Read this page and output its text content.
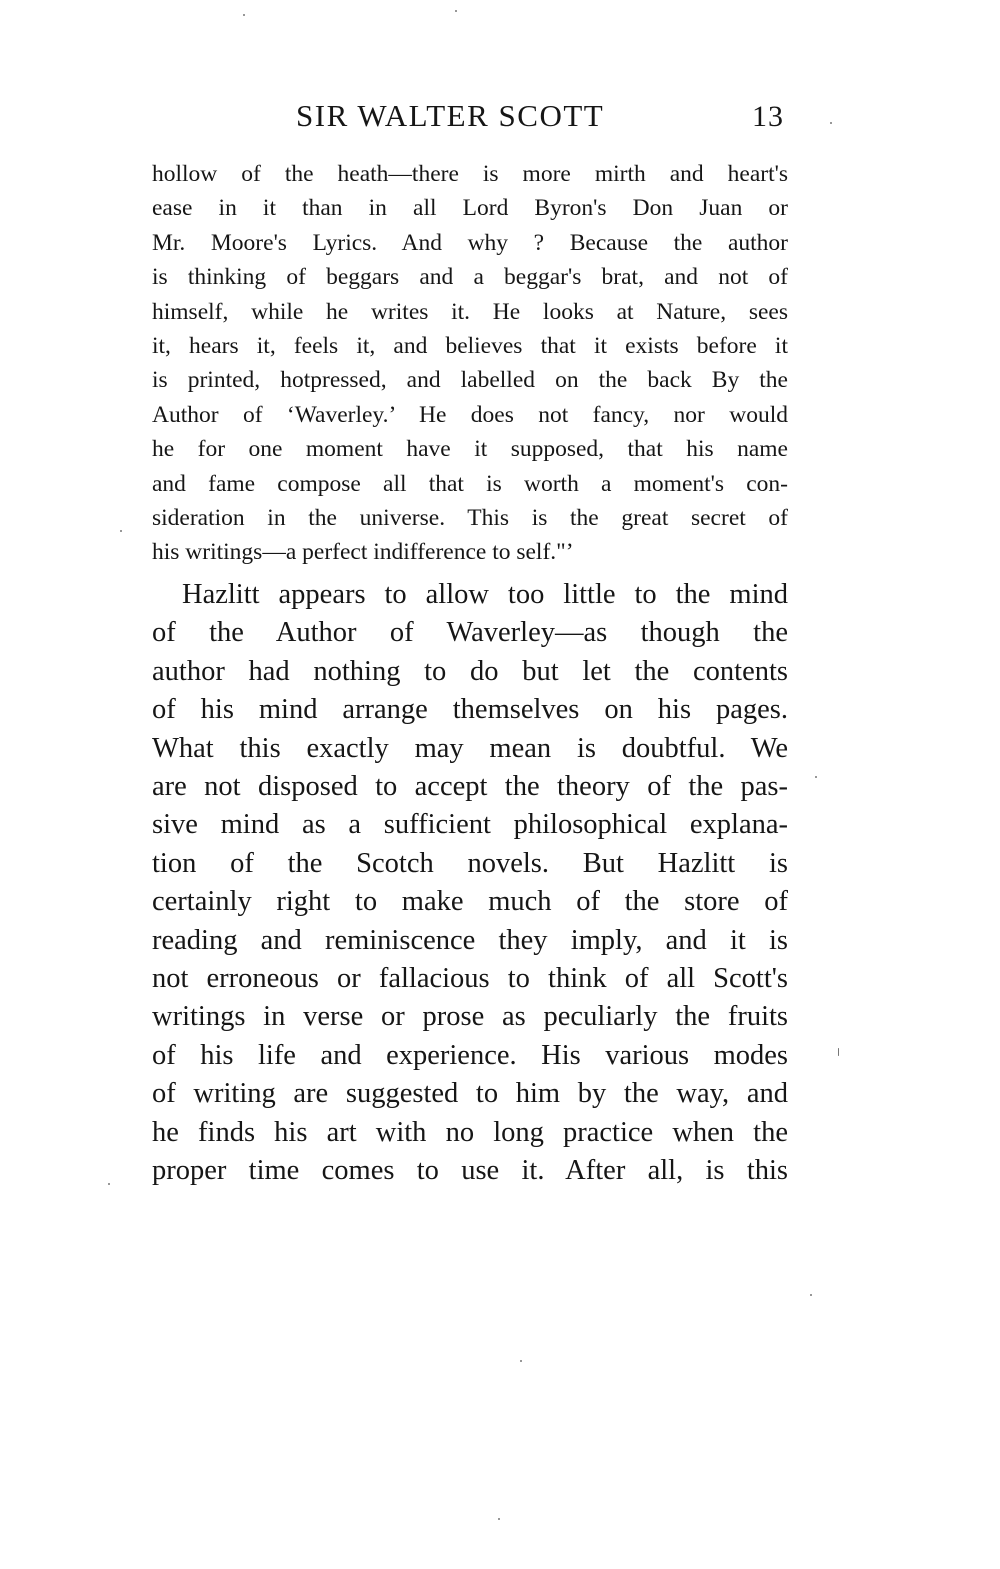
SIR WALTER SCOTT	13
hollow of the heath—there is more mirth and heart's
ease in it than in all Lord Byron's Don Juan or
Mr. Moore's Lyrics. And why ? Because the author
is thinking of beggars and a beggar's brat, and not of
himself, while he writes it. He looks at Nature, sees
it, hears it, feels it, and believes that it exists before it
is printed, hotpressed, and labelled on the back By the
Author of ‘Waverley.’ He does not fancy, nor would
he for one moment have it supposed, that his name
and fame compose all that is worth a moment's con-
sideration in the universe. This is the great secret of
his writings—a perfect indifference to self."’
Hazlitt appears to allow too little to the mind
of the Author of Waverley—as though the
author had nothing to do but let the contents
of his mind arrange themselves on his pages.
What this exactly may mean is doubtful. We
are not disposed to accept the theory of the pas-
sive mind as a sufficient philosophical explana-
tion of the Scotch novels. But Hazlitt is
certainly right to make much of the store of
reading and reminiscence they imply, and it is
not erroneous or fallacious to think of all Scott's
writings in verse or prose as peculiarly the fruits
of his life and experience. His various modes
of writing are suggested to him by the way, and
he finds his art with no long practice when the
proper time comes to use it. After all, is this
